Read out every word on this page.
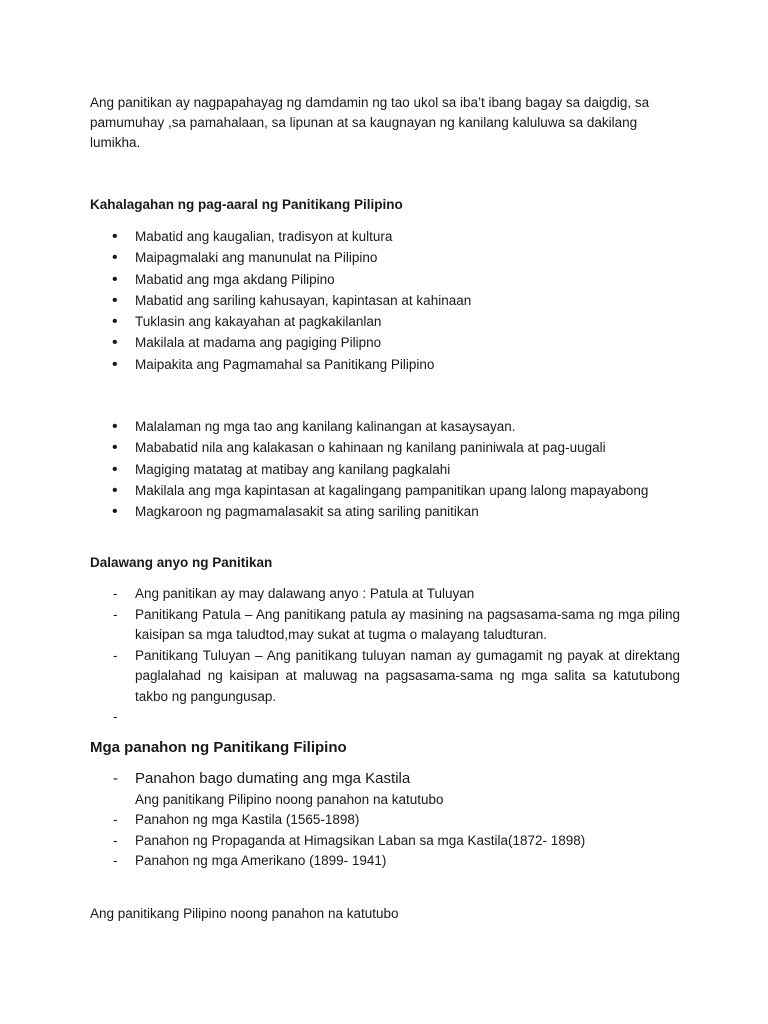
Ang panitikan ay nagpapahayag ng damdamin ng tao ukol sa iba’t ibang bagay sa daigdig, sa pamumuhay ,sa pamahalaan, sa lipunan at sa kaugnayan ng kanilang kaluluwa sa dakilang lumikha.

Kahalagahan ng pag-aaral ng Panitikang Pilipino

• Mabatid ang kaugalian, tradisyon at kultura
• Maipagmalaki ang manunulat na Pilipino
• Mabatid ang mga akdang Pilipino
• Mabatid ang sariling kahusayan, kapintasan at kahinaan
• Tuklasin ang kakayahan at pagkakilanlan
• Makilala at madama ang pagiging Pilipno
• Maipakita ang Pagmamahal sa Panitikang Pilipino
• Malalaman ng mga tao ang kanilang kalinangan at kasaysayan.
• Mababatid nila ang kalakasan o kahinaan ng kanilang paniniwala at pag-uugali
• Magiging matatag at matibay ang kanilang pagkalahi
• Makilala ang mga kapintasan at kagalingang pampanitikan upang lalong mapayabong
• Magkaroon ng pagmamalasakit sa ating sariling panitikan

Dalawang anyo ng Panitikan

- Ang panitikan ay may dalawang anyo : Patula at Tuluyan
- Panitikang Patula – Ang panitikang patula ay masining na pagsasama-sama ng mga piling kaisipan sa mga taludtod,may sukat at tugma o malayang taludturan.
- Panitikang Tuluyan – Ang panitikang tuluyan naman ay gumagamit ng payak at direktang paglalahad ng kaisipan at maluwag na pagsasama-sama ng mga salita sa katutubong takbo ng pangungusap.
-

Mga panahon ng Panitikang Filipino

- Panahon bago dumating ang mga Kastila
Ang panitikang Pilipino noong panahon na katutubo
- Panahon ng mga Kastila (1565-1898)
- Panahon ng Propaganda at Himagsikan Laban sa mga Kastila(1872- 1898)
- Panahon ng mga Amerikano (1899- 1941)

Ang panitikang Pilipino noong panahon na katutubo
